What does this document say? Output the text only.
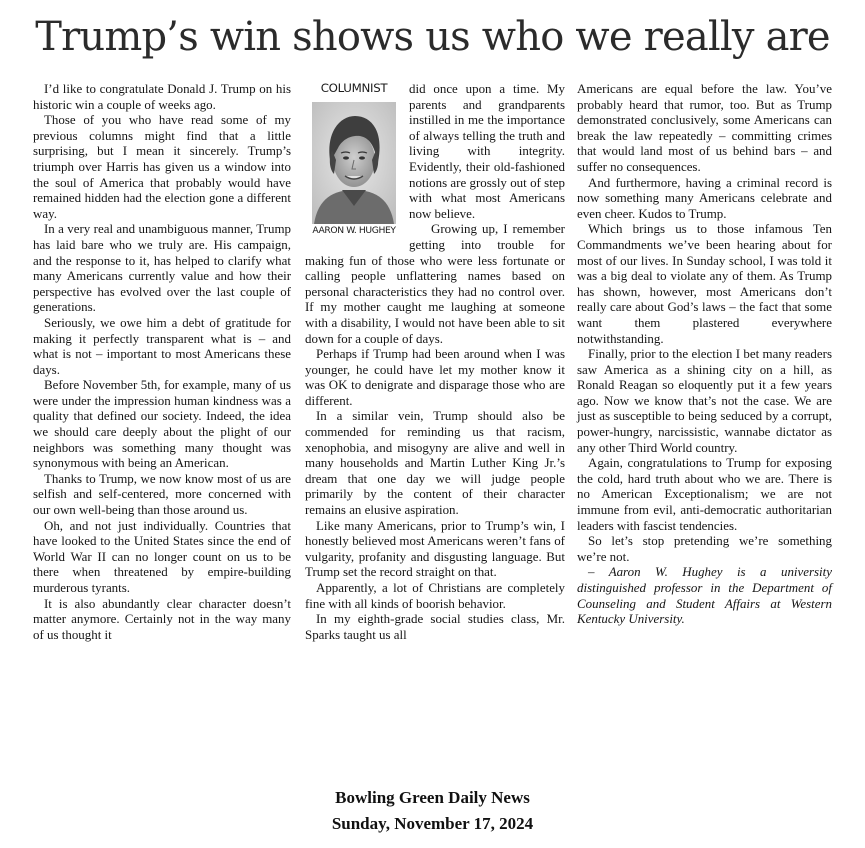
Trump’s win shows us who we really are

I’d like to congratulate Donald J. Trump on his historic win a couple of weeks ago.

Those of you who have read some of my previous columns might find that a little surprising, but I mean it sincerely. Trump’s triumph over Harris has given us a window into the soul of America that probably would have remained hidden had the election gone a different way.

In a very real and unambiguous manner, Trump has laid bare who we truly are. His campaign, and the response to it, has helped to clarify what many Americans currently value and how their perspective has evolved over the last couple of generations.

Seriously, we owe him a debt of gratitude for making it perfectly transparent what is – and what is not – important to most Americans these days.

Before November 5th, for example, many of us were under the impression human kindness was a quality that defined our society. Indeed, the idea we should care deeply about the plight of our neighbors was something many thought was synonymous with being an American.

Thanks to Trump, we now know most of us are selfish and self-centered, more concerned with our own well-being than those around us.

Oh, and not just individually. Countries that have looked to the United States since the end of World War II can no longer count on us to be there when threatened by empire-building murderous tyrants.

It is also abundantly clear character doesn’t matter anymore. Certainly not in the way many of us thought it

COLUMNIST
AARON W. HUGHEY

did once upon a time. My parents and grandparents instilled in me the importance of always telling the truth and living with integrity. Evidently, their old-fashioned notions are grossly out of step with what most Americans now believe.

Growing up, I remember getting into trouble for making fun of those who were less fortunate or calling people unflattering names based on personal characteristics they had no control over. If my mother caught me laughing at someone with a disability, I would not have been able to sit down for a couple of days.

Perhaps if Trump had been around when I was younger, he could have let my mother know it was OK to denigrate and disparage those who are different.

In a similar vein, Trump should also be commended for reminding us that racism, xenophobia, and misogyny are alive and well in many households and Martin Luther King Jr.’s dream that one day we will judge people primarily by the content of their character remains an elusive aspiration.

Like many Americans, prior to Trump’s win, I honestly believed most Americans weren’t fans of vulgarity, profanity and disgusting language. But Trump set the record straight on that.

Apparently, a lot of Christians are completely fine with all kinds of boorish behavior.

In my eighth-grade social studies class, Mr. Sparks taught us all

Americans are equal before the law. You’ve probably heard that rumor, too. But as Trump demonstrated conclusively, some Americans can break the law repeatedly – committing crimes that would land most of us behind bars – and suffer no consequences.

And furthermore, having a criminal record is now something many Americans celebrate and even cheer. Kudos to Trump.

Which brings us to those infamous Ten Commandments we’ve been hearing about for most of our lives. In Sunday school, I was told it was a big deal to violate any of them. As Trump has shown, however, most Americans don’t really care about God’s laws – the fact that some want them plastered everywhere notwithstanding.

Finally, prior to the election I bet many readers saw America as a shining city on a hill, as Ronald Reagan so eloquently put it a few years ago. Now we know that’s not the case. We are just as susceptible to being seduced by a corrupt, power-hungry, narcissistic, wannabe dictator as any other Third World country.

Again, congratulations to Trump for exposing the cold, hard truth about who we are. There is no American Exceptionalism; we are not immune from evil, anti-democratic authoritarian leaders with fascist tendencies.

So let’s stop pretending we’re something we’re not.

– Aaron W. Hughey is a university distinguished professor in the Department of Counseling and Student Affairs at Western Kentucky University.

Bowling Green Daily News
Sunday, November 17, 2024
